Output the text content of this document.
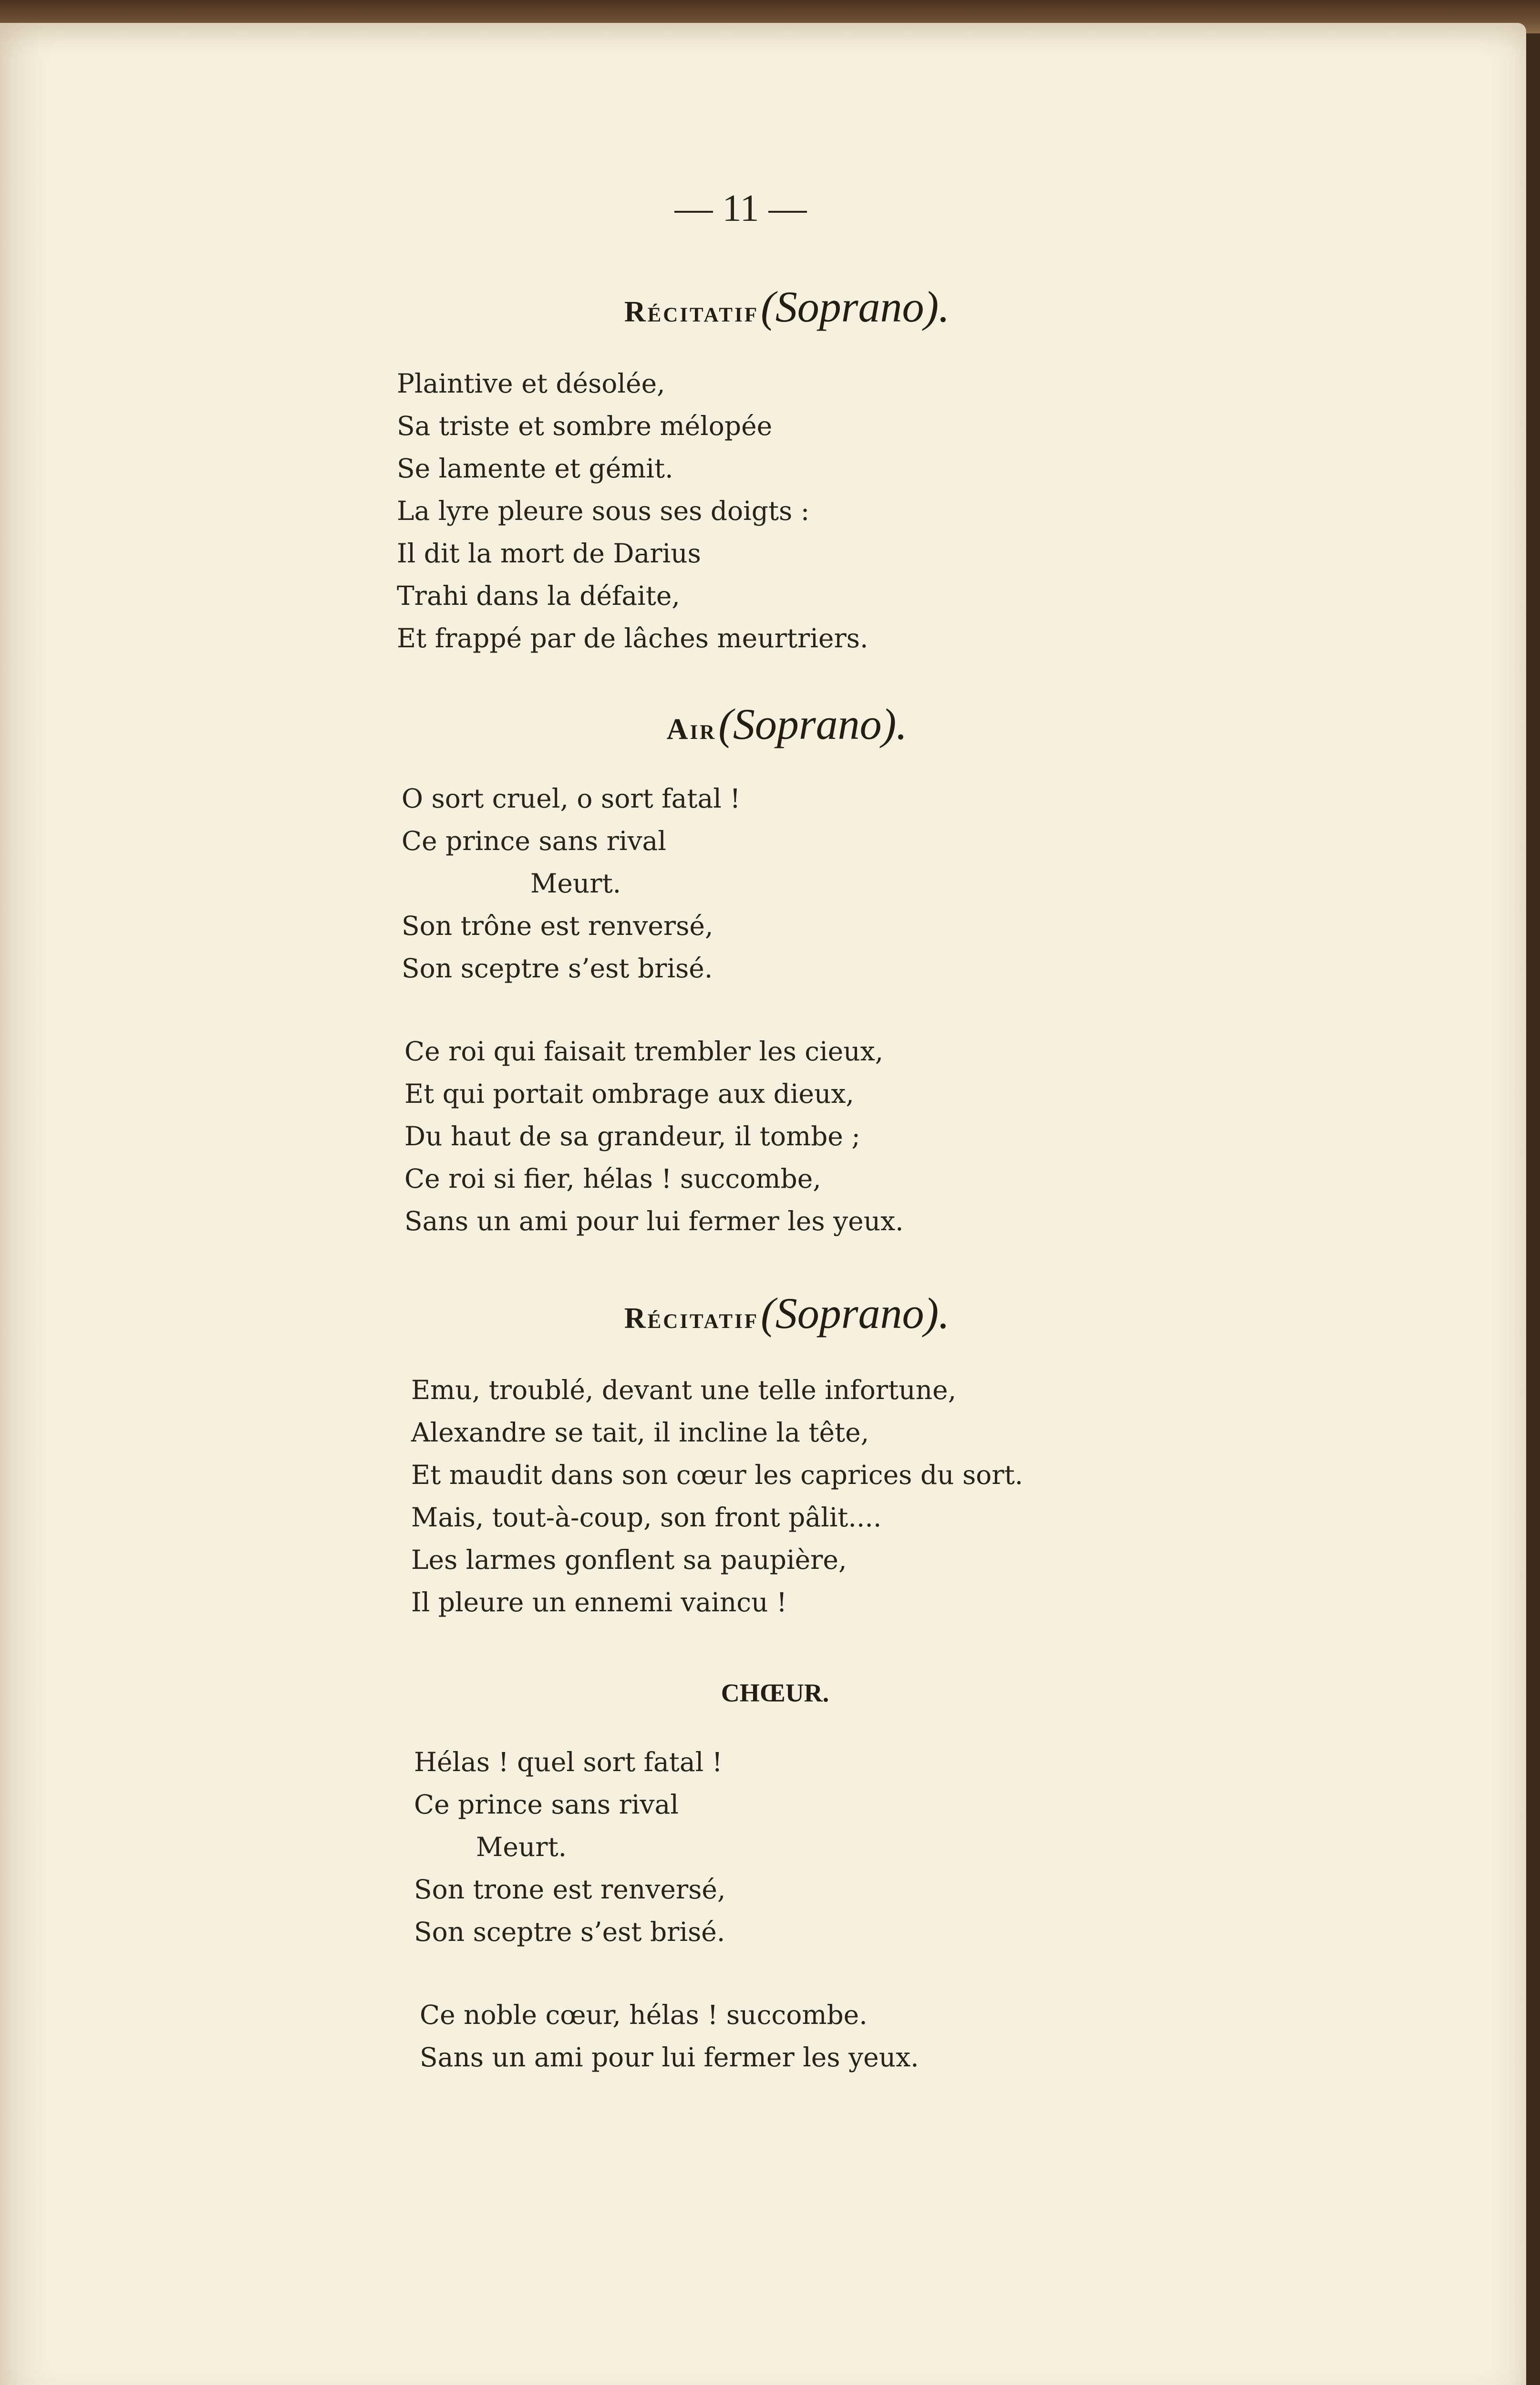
— 11 —
Récitatif (Soprano).
Plaintive et désolée,
Sa triste et sombre mélopée
Se lamente et gémit.
La lyre pleure sous ses doigts :
Il dit la mort de Darius
Trahi dans la défaite,
Et frappé par de lâches meurtriers.
Air (Soprano).
O sort cruel, o sort fatal !
Ce prince sans rival
Meurt.
Son trône est renversé,
Son sceptre s’est brisé.
Ce roi qui faisait trembler les cieux,
Et qui portait ombrage aux dieux,
Du haut de sa grandeur, il tombe ;
Ce roi si fier, hélas ! succombe,
Sans un ami pour lui fermer les yeux.
Récitatif (Soprano).
Emu, troublé, devant une telle infortune,
Alexandre se tait, il incline la tête,
Et maudit dans son cœur les caprices du sort.
Mais, tout-à-coup, son front pâlit....
Les larmes gonflent sa paupière,
Il pleure un ennemi vaincu !
CHŒUR.
Hélas ! quel sort fatal !
Ce prince sans rival
Meurt.
Son trone est renversé,
Son sceptre s’est brisé.
Ce noble cœur, hélas ! succombe.
Sans un ami pour lui fermer les yeux.
